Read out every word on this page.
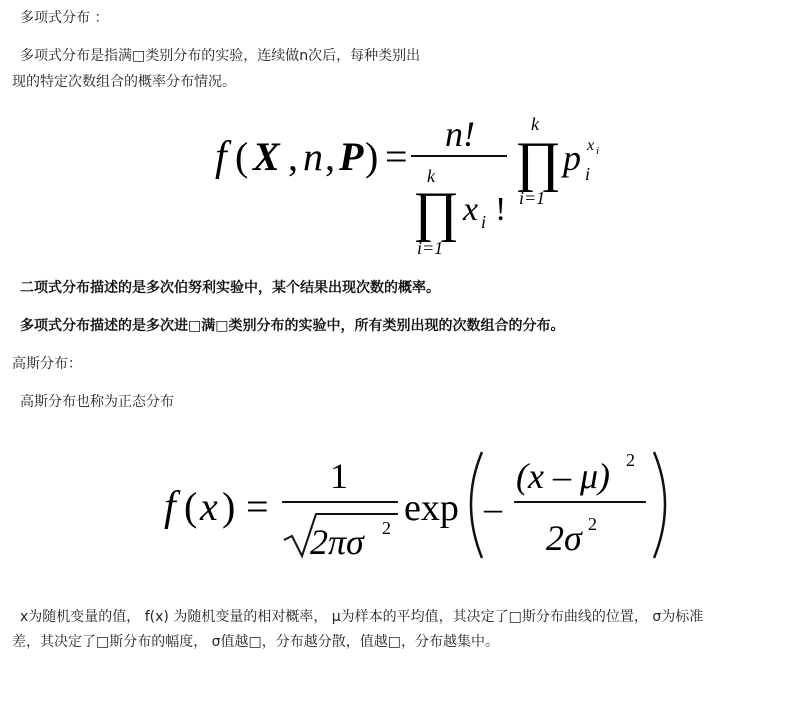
多项式分布 ：
多项式分布是指满□类别分布的实验，连续做n次后，每种类别出
现的特定次数组合的概率分布情况。
f ( X , n , P ) = n!
k
∏
i=1
x i !
k
∏
i=1
p i
x i
二项式分布描述的是多次伯努利实验中，某个结果出现次数的概率。
多项式分布描述的是多次进□满□类别分布的实验中，所有类别出现的次数组合的分布。
高斯分布：
高斯分布也称为正态分布
f ( x ) =
1
2πσ 2 exp –
(x – μ) 2
2σ 2
x为随机变量的值， f(x) 为随机变量的相对概率， μ为样本的平均值，其决定了□斯分布曲线的位置， σ为标准
差，其决定了□斯分布的幅度， σ值越□，分布越分散，值越□，分布越集中。
